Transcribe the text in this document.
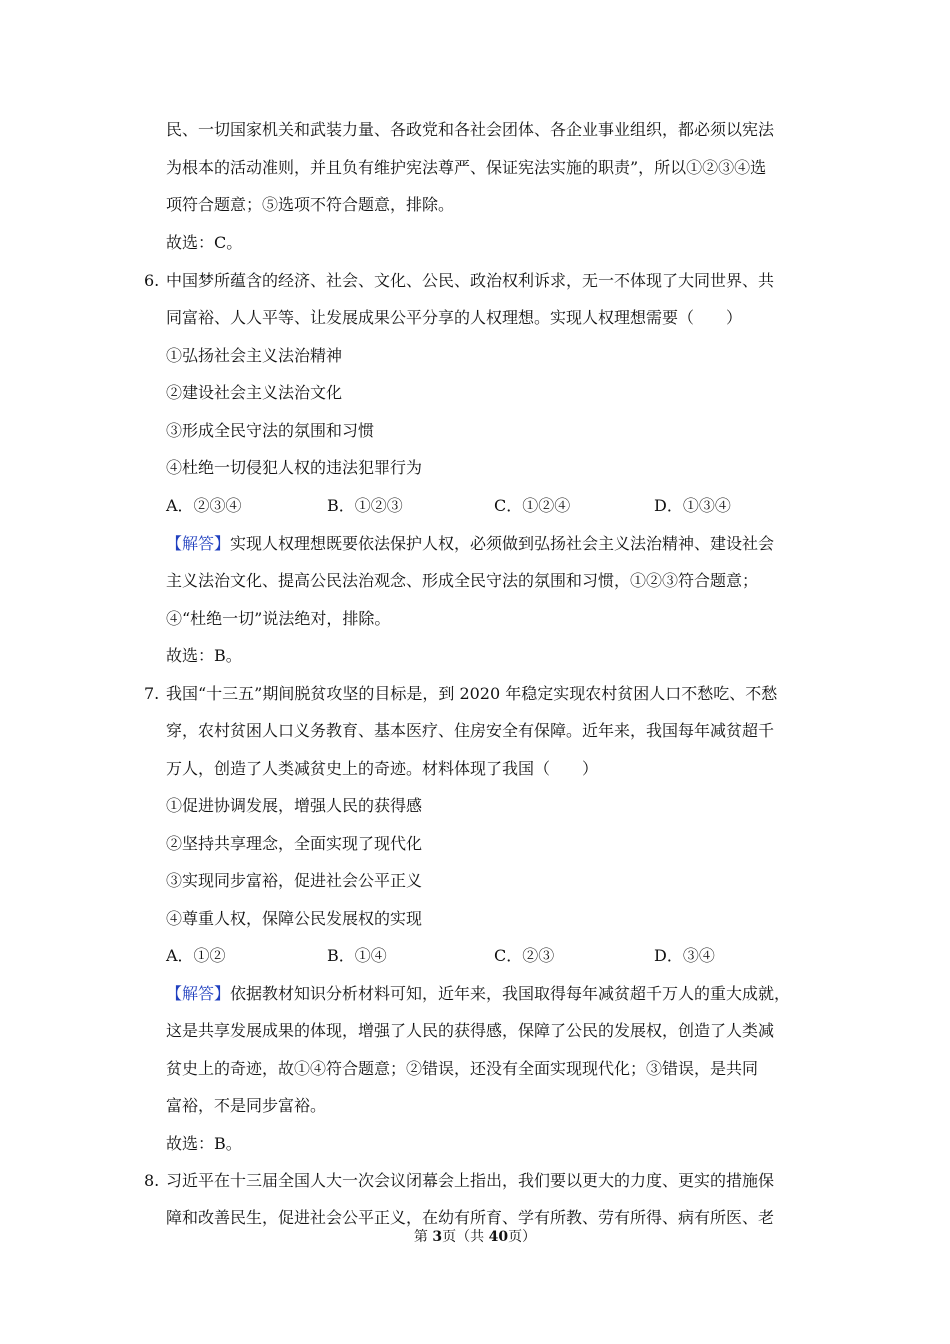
民、一切国家机关和武装力量、各政党和各社会团体、各企业事业组织，都必须以宪法
为根本的活动准则，并且负有维护宪法尊严、保证宪法实施的职责”，所以①②③④选
项符合题意；⑤选项不符合题意，排除。
故选：C。
6. 中国梦所蕴含的经济、社会、文化、公民、政治权利诉求，无一不体现了大同世界、共
同富裕、人人平等、让发展成果公平分享的人权理想。实现人权理想需要（　　）
①弘扬社会主义法治精神
②建设社会主义法治文化
③形成全民守法的氛围和习惯
④杜绝一切侵犯人权的违法犯罪行为
A．②③④	B．①②③	C．①②④	D．①③④
【解答】实现人权理想既要依法保护人权，必须做到弘扬社会主义法治精神、建设社会
主义法治文化、提高公民法治观念、形成全民守法的氛围和习惯，①②③符合题意；
④“杜绝一切”说法绝对，排除。
故选：B。
7. 我国“十三五”期间脱贫攻坚的目标是，到 2020 年稳定实现农村贫困人口不愁吃、不愁
穿，农村贫困人口义务教育、基本医疗、住房安全有保障。近年来，我国每年减贫超千
万人，创造了人类减贫史上的奇迹。材料体现了我国（　　）
①促进协调发展，增强人民的获得感
②坚持共享理念，全面实现了现代化
③实现同步富裕，促进社会公平正义
④尊重人权，保障公民发展权的实现
A．①②	B．①④	C．②③	D．③④
【解答】依据教材知识分析材料可知，近年来，我国取得每年减贫超千万人的重大成就，
这是共享发展成果的体现，增强了人民的获得感，保障了公民的发展权，创造了人类减
贫史上的奇迹，故①④符合题意；②错误，还没有全面实现现代化；③错误，是共同
富裕，不是同步富裕。
故选：B。
8. 习近平在十三届全国人大一次会议闭幕会上指出，我们要以更大的力度、更实的措施保
障和改善民生，促进社会公平正义，在幼有所育、学有所教、劳有所得、病有所医、老
第 3页（共 40页）
